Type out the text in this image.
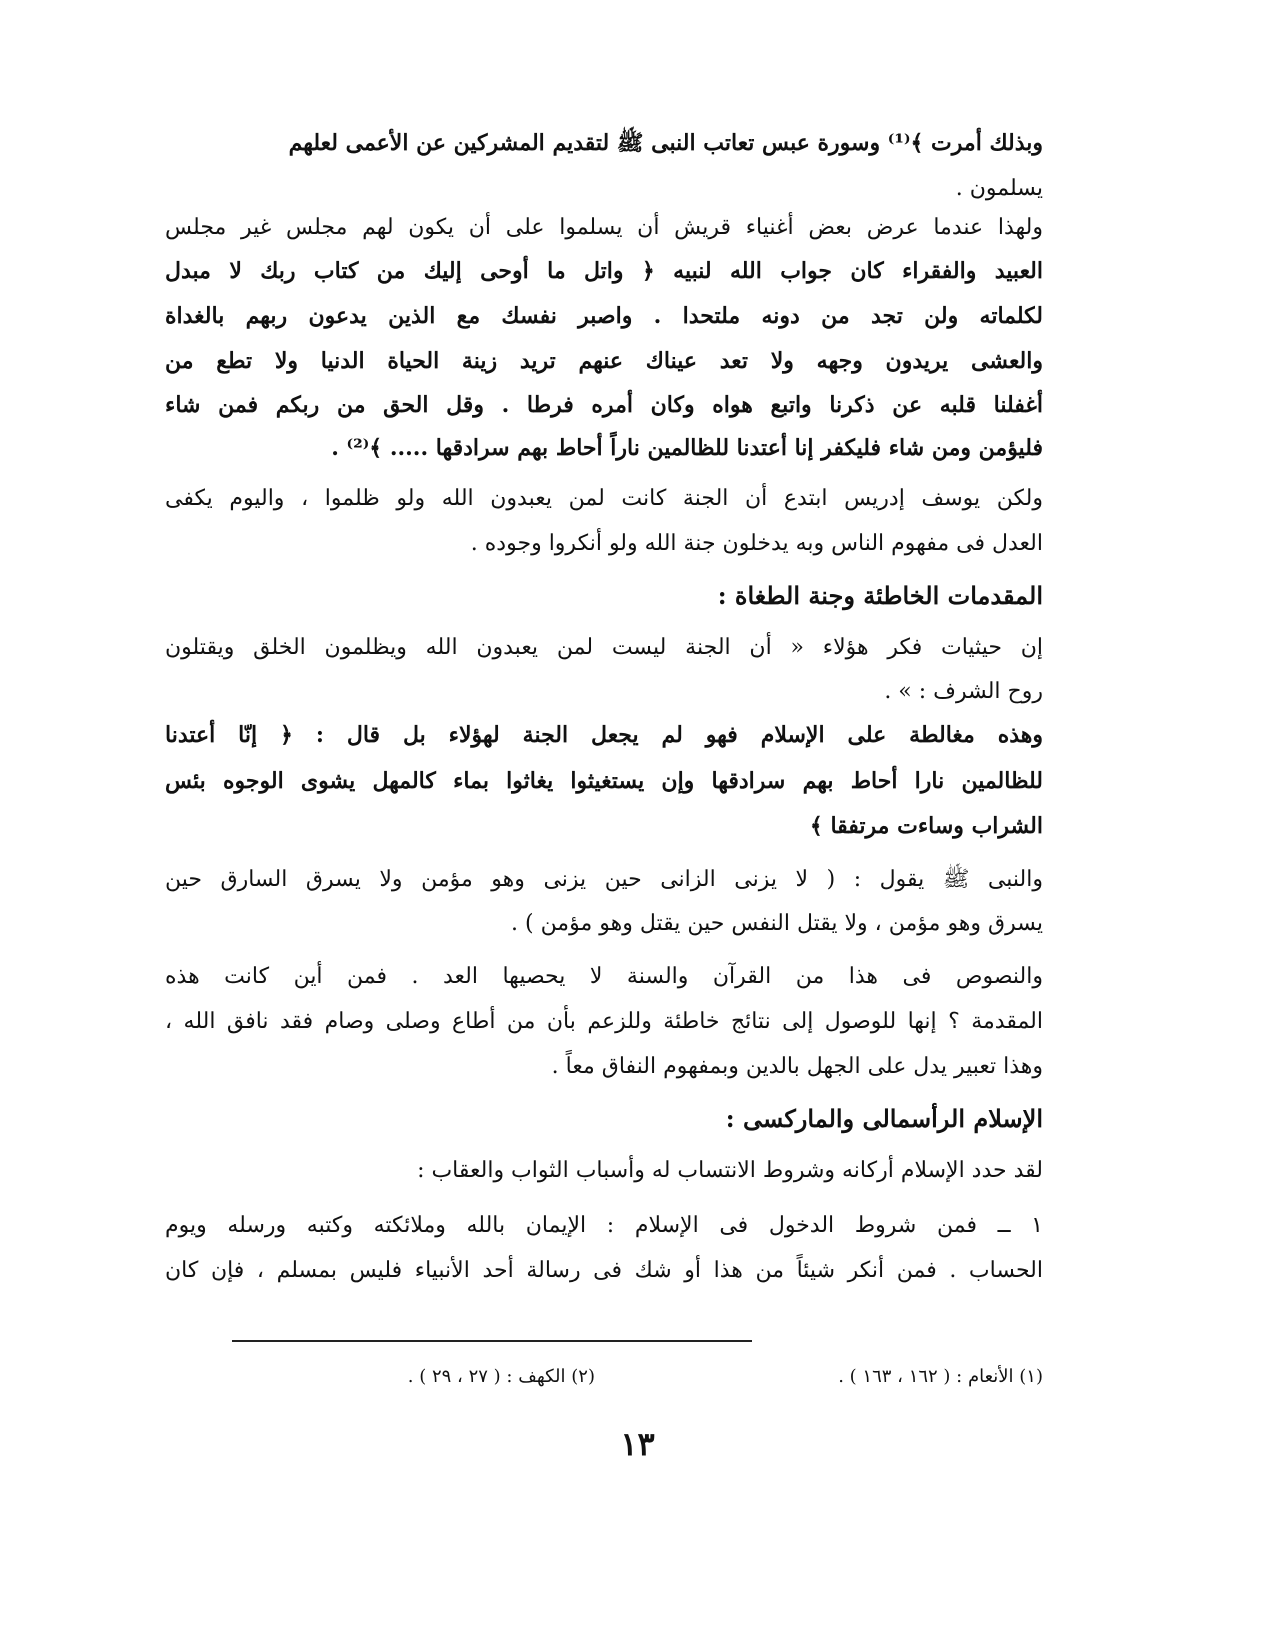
وبذلك أمرت ﴾⁽¹⁾ وسورة عبس تعاتب النبى ﷺ لتقديم المشركين عن الأعمى لعلهم
يسلمون .
ولهذا عندما عرض بعض أغنياء قريش أن يسلموا على أن يكون لهم مجلس غير مجلس
العبيد والفقراء كان جواب الله لنبيه ﴿ واتل ما أوحى إليك من كتاب ربك لا مبدل
لكلماته ولن تجد من دونه ملتحدا . واصبر نفسك مع الذين يدعون ربهم بالغداة
والعشى يريدون وجهه ولا تعد عيناك عنهم تريد زينة الحياة الدنيا ولا تطع من
أغفلنا قلبه عن ذكرنا واتبع هواه وكان أمره فرطا . وقل الحق من ربكم فمن شاء
فليؤمن ومن شاء فليكفر إنا أعتدنا للظالمين ناراً أحاط بهم سرادقها ..... ﴾⁽²⁾ .
ولكن يوسف إدريس ابتدع أن الجنة كانت لمن يعبدون الله ولو ظلموا ، واليوم يكفى
العدل فى مفهوم الناس وبه يدخلون جنة الله ولو أنكروا وجوده .
المقدمات الخاطئة وجنة الطغاة :
إن حيثيات فكر هؤلاء « أن الجنة ليست لمن يعبدون الله ويظلمون الخلق ويقتلون
روح الشرف : » .
وهذه مغالطة على الإسلام فهو لم يجعل الجنة لهؤلاء بل قال : ﴿ إنّا أعتدنا
للظالمين نارا أحاط بهم سرادقها وإن يستغيثوا يغاثوا بماء كالمهل يشوى الوجوه بئس
الشراب وساءت مرتفقا ﴾
والنبى ﷺ يقول : ( لا يزنى الزانى حين يزنى وهو مؤمن ولا يسرق السارق حين
يسرق وهو مؤمن ، ولا يقتل النفس حين يقتل وهو مؤمن ) .
والنصوص فى هذا من القرآن والسنة لا يحصيها العد . فمن أين كانت هذه
المقدمة ؟ إنها للوصول إلى نتائج خاطئة وللزعم بأن من أطاع وصلى وصام فقد نافق الله ،
وهذا تعبير يدل على الجهل بالدين وبمفهوم النفاق معاً .
الإسلام الرأسمالى والماركسى :
لقد حدد الإسلام أركانه وشروط الانتساب له وأسباب الثواب والعقاب :
١ ــ فمن شروط الدخول فى الإسلام : الإيمان بالله وملائكته وكتبه ورسله ويوم
الحساب . فمن أنكر شيئاً من هذا أو شك فى رسالة أحد الأنبياء فليس بمسلم ، فإن كان
(١) الأنعام : ( ١٦٢ ، ١٦٣ ) .
(٢) الكهف : ( ٢٧ ، ٢٩ ) .
١٣
